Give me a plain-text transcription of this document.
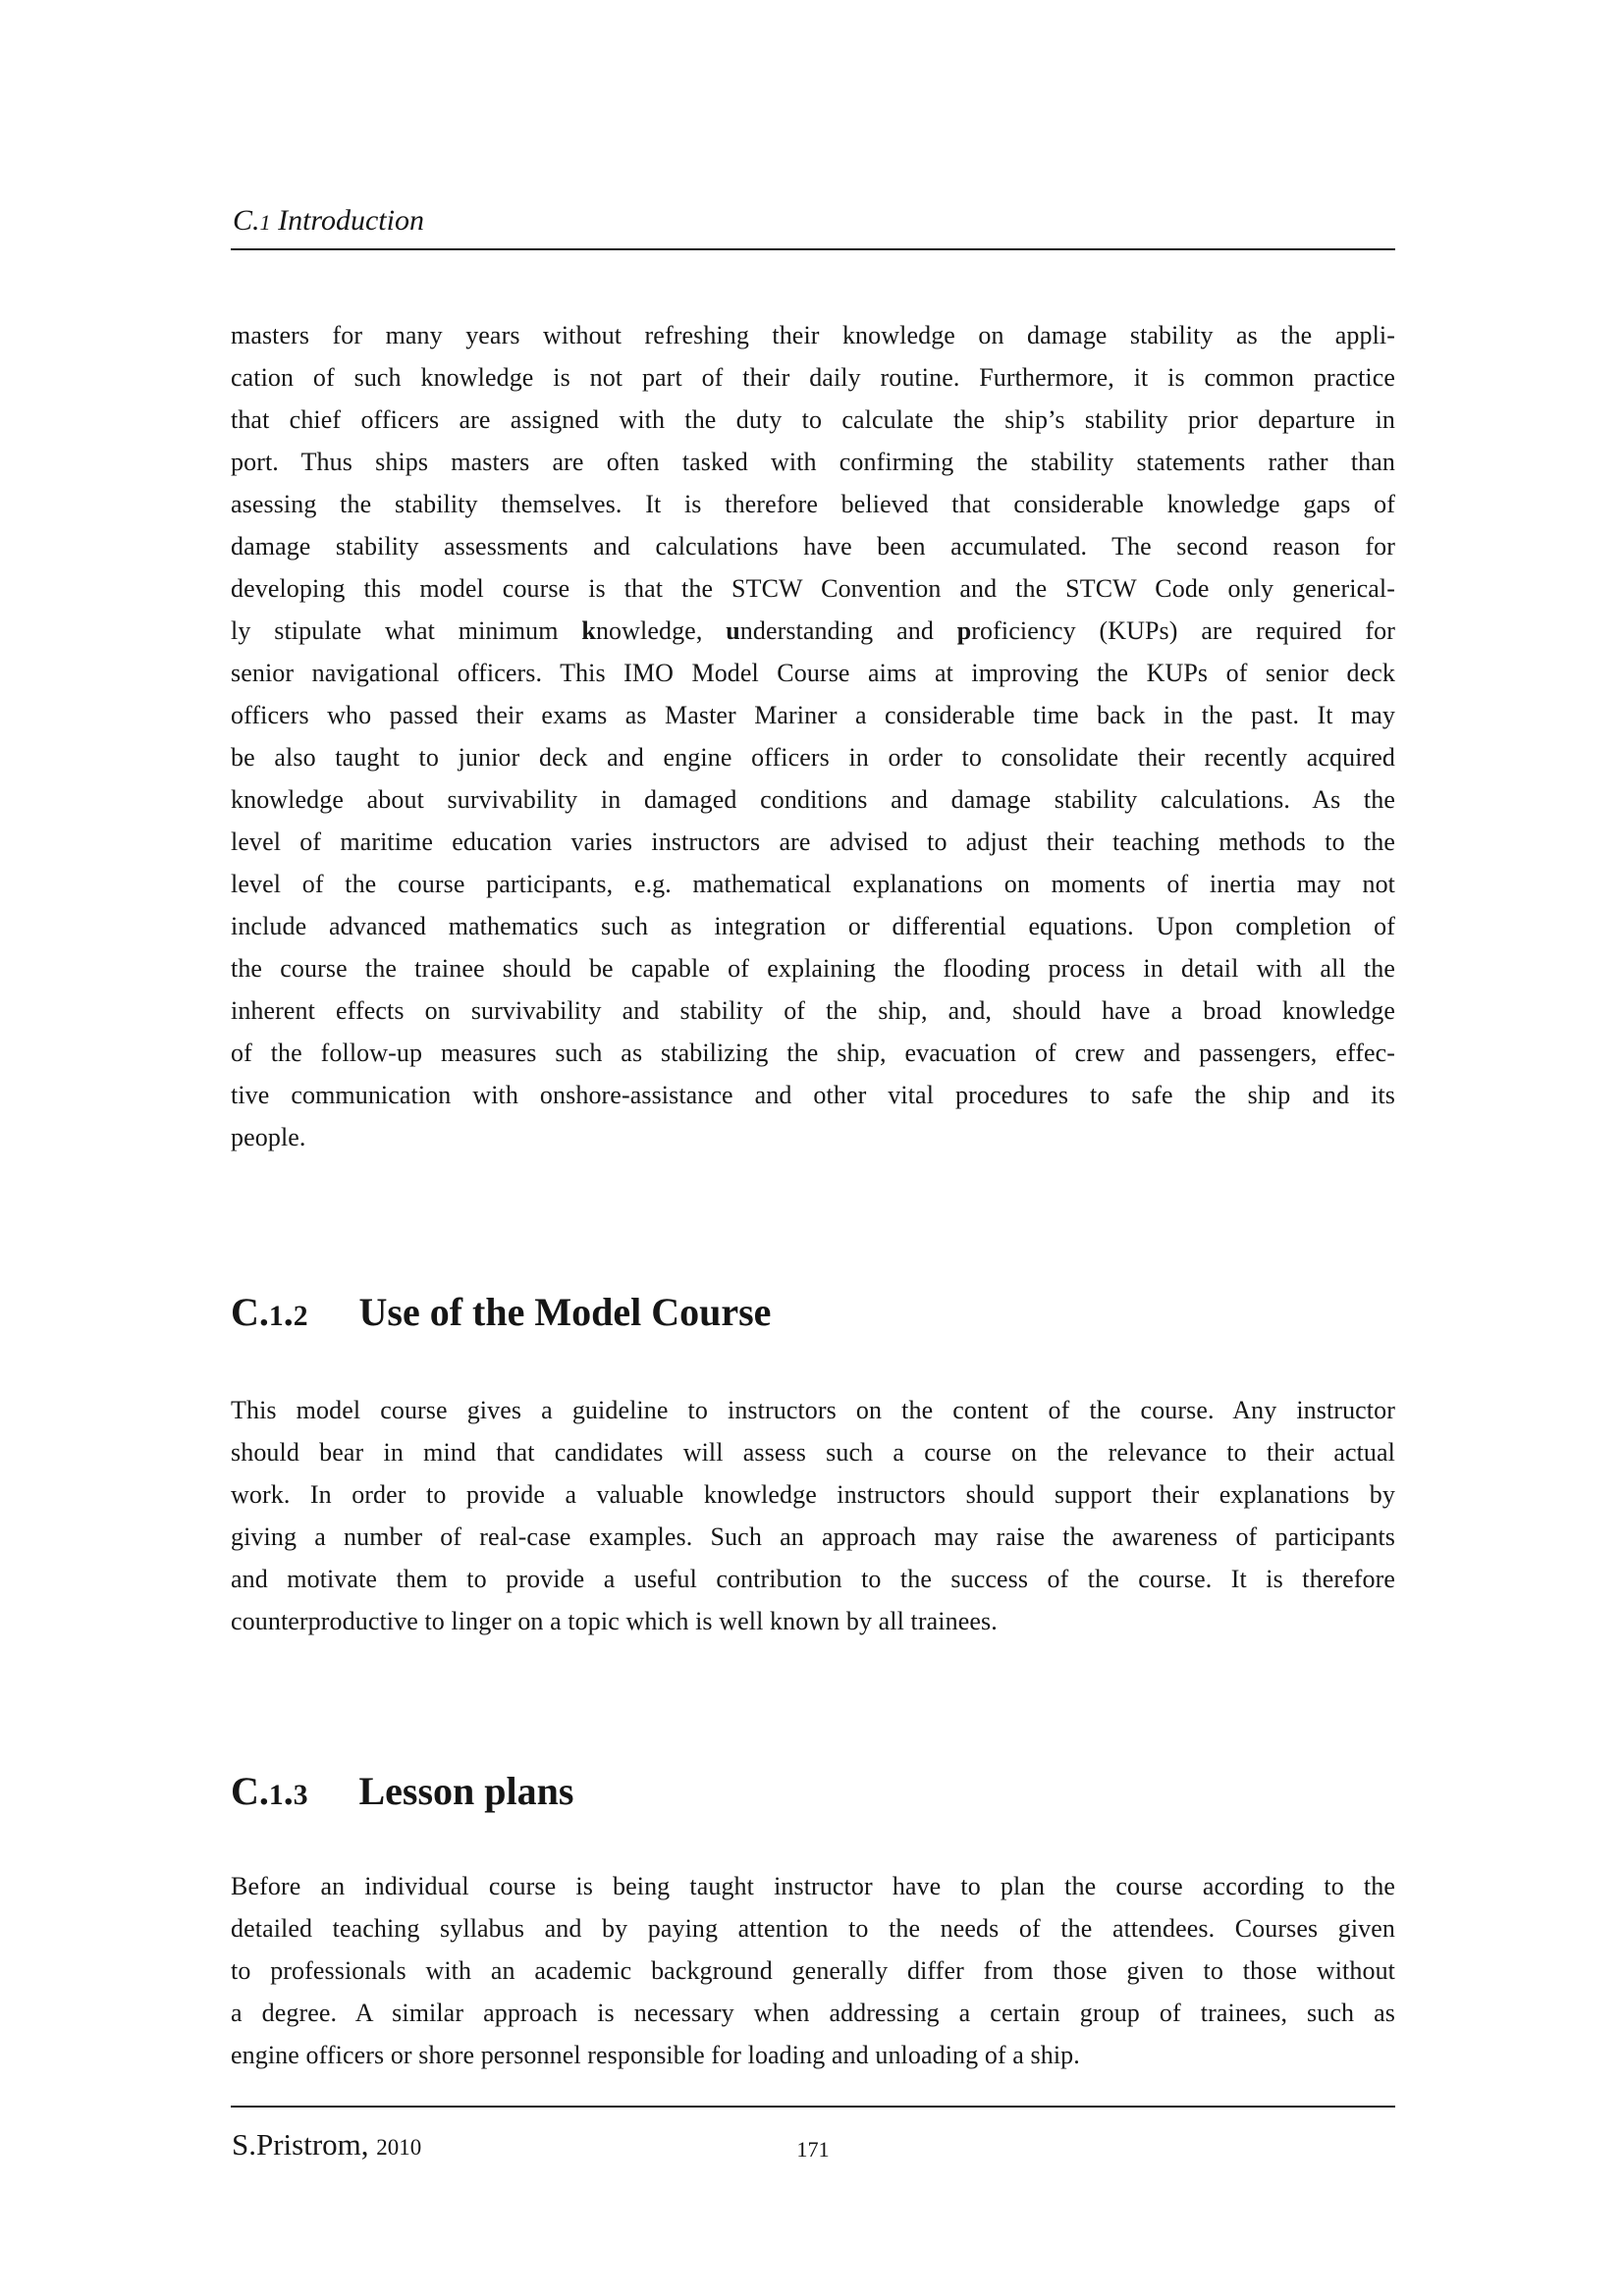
C.1 Introduction
masters for many years without refreshing their knowledge on damage stability as the appli-
cation of such knowledge is not part of their daily routine. Furthermore, it is common practice
that chief officers are assigned with the duty to calculate the ship’s stability prior departure in
port. Thus ships masters are often tasked with confirming the stability statements rather than
asessing the stability themselves. It is therefore believed that considerable knowledge gaps of
damage stability assessments and calculations have been accumulated. The second reason for
developing this model course is that the STCW Convention and the STCW Code only generical-
ly stipulate what minimum knowledge, understanding and proficiency (KUPs) are required for
senior navigational officers. This IMO Model Course aims at improving the KUPs of senior deck
officers who passed their exams as Master Mariner a considerable time back in the past. It may
be also taught to junior deck and engine officers in order to consolidate their recently acquired
knowledge about survivability in damaged conditions and damage stability calculations. As the
level of maritime education varies instructors are advised to adjust their teaching methods to the
level of the course participants, e.g. mathematical explanations on moments of inertia may not
include advanced mathematics such as integration or differential equations. Upon completion of
the course the trainee should be capable of explaining the flooding process in detail with all the
inherent effects on survivability and stability of the ship, and, should have a broad knowledge
of the follow-up measures such as stabilizing the ship, evacuation of crew and passengers, effec-
tive communication with onshore-assistance and other vital procedures to safe the ship and its
people.
C.1.2 Use of the Model Course
This model course gives a guideline to instructors on the content of the course. Any instructor
should bear in mind that candidates will assess such a course on the relevance to their actual
work. In order to provide a valuable knowledge instructors should support their explanations by
giving a number of real-case examples. Such an approach may raise the awareness of participants
and motivate them to provide a useful contribution to the success of the course. It is therefore
counterproductive to linger on a topic which is well known by all trainees.
C.1.3 Lesson plans
Before an individual course is being taught instructor have to plan the course according to the
detailed teaching syllabus and by paying attention to the needs of the attendees. Courses given
to professionals with an academic background generally differ from those given to those without
a degree. A similar approach is necessary when addressing a certain group of trainees, such as
engine officers or shore personnel responsible for loading and unloading of a ship.
S.Pristrom, 2010	171
